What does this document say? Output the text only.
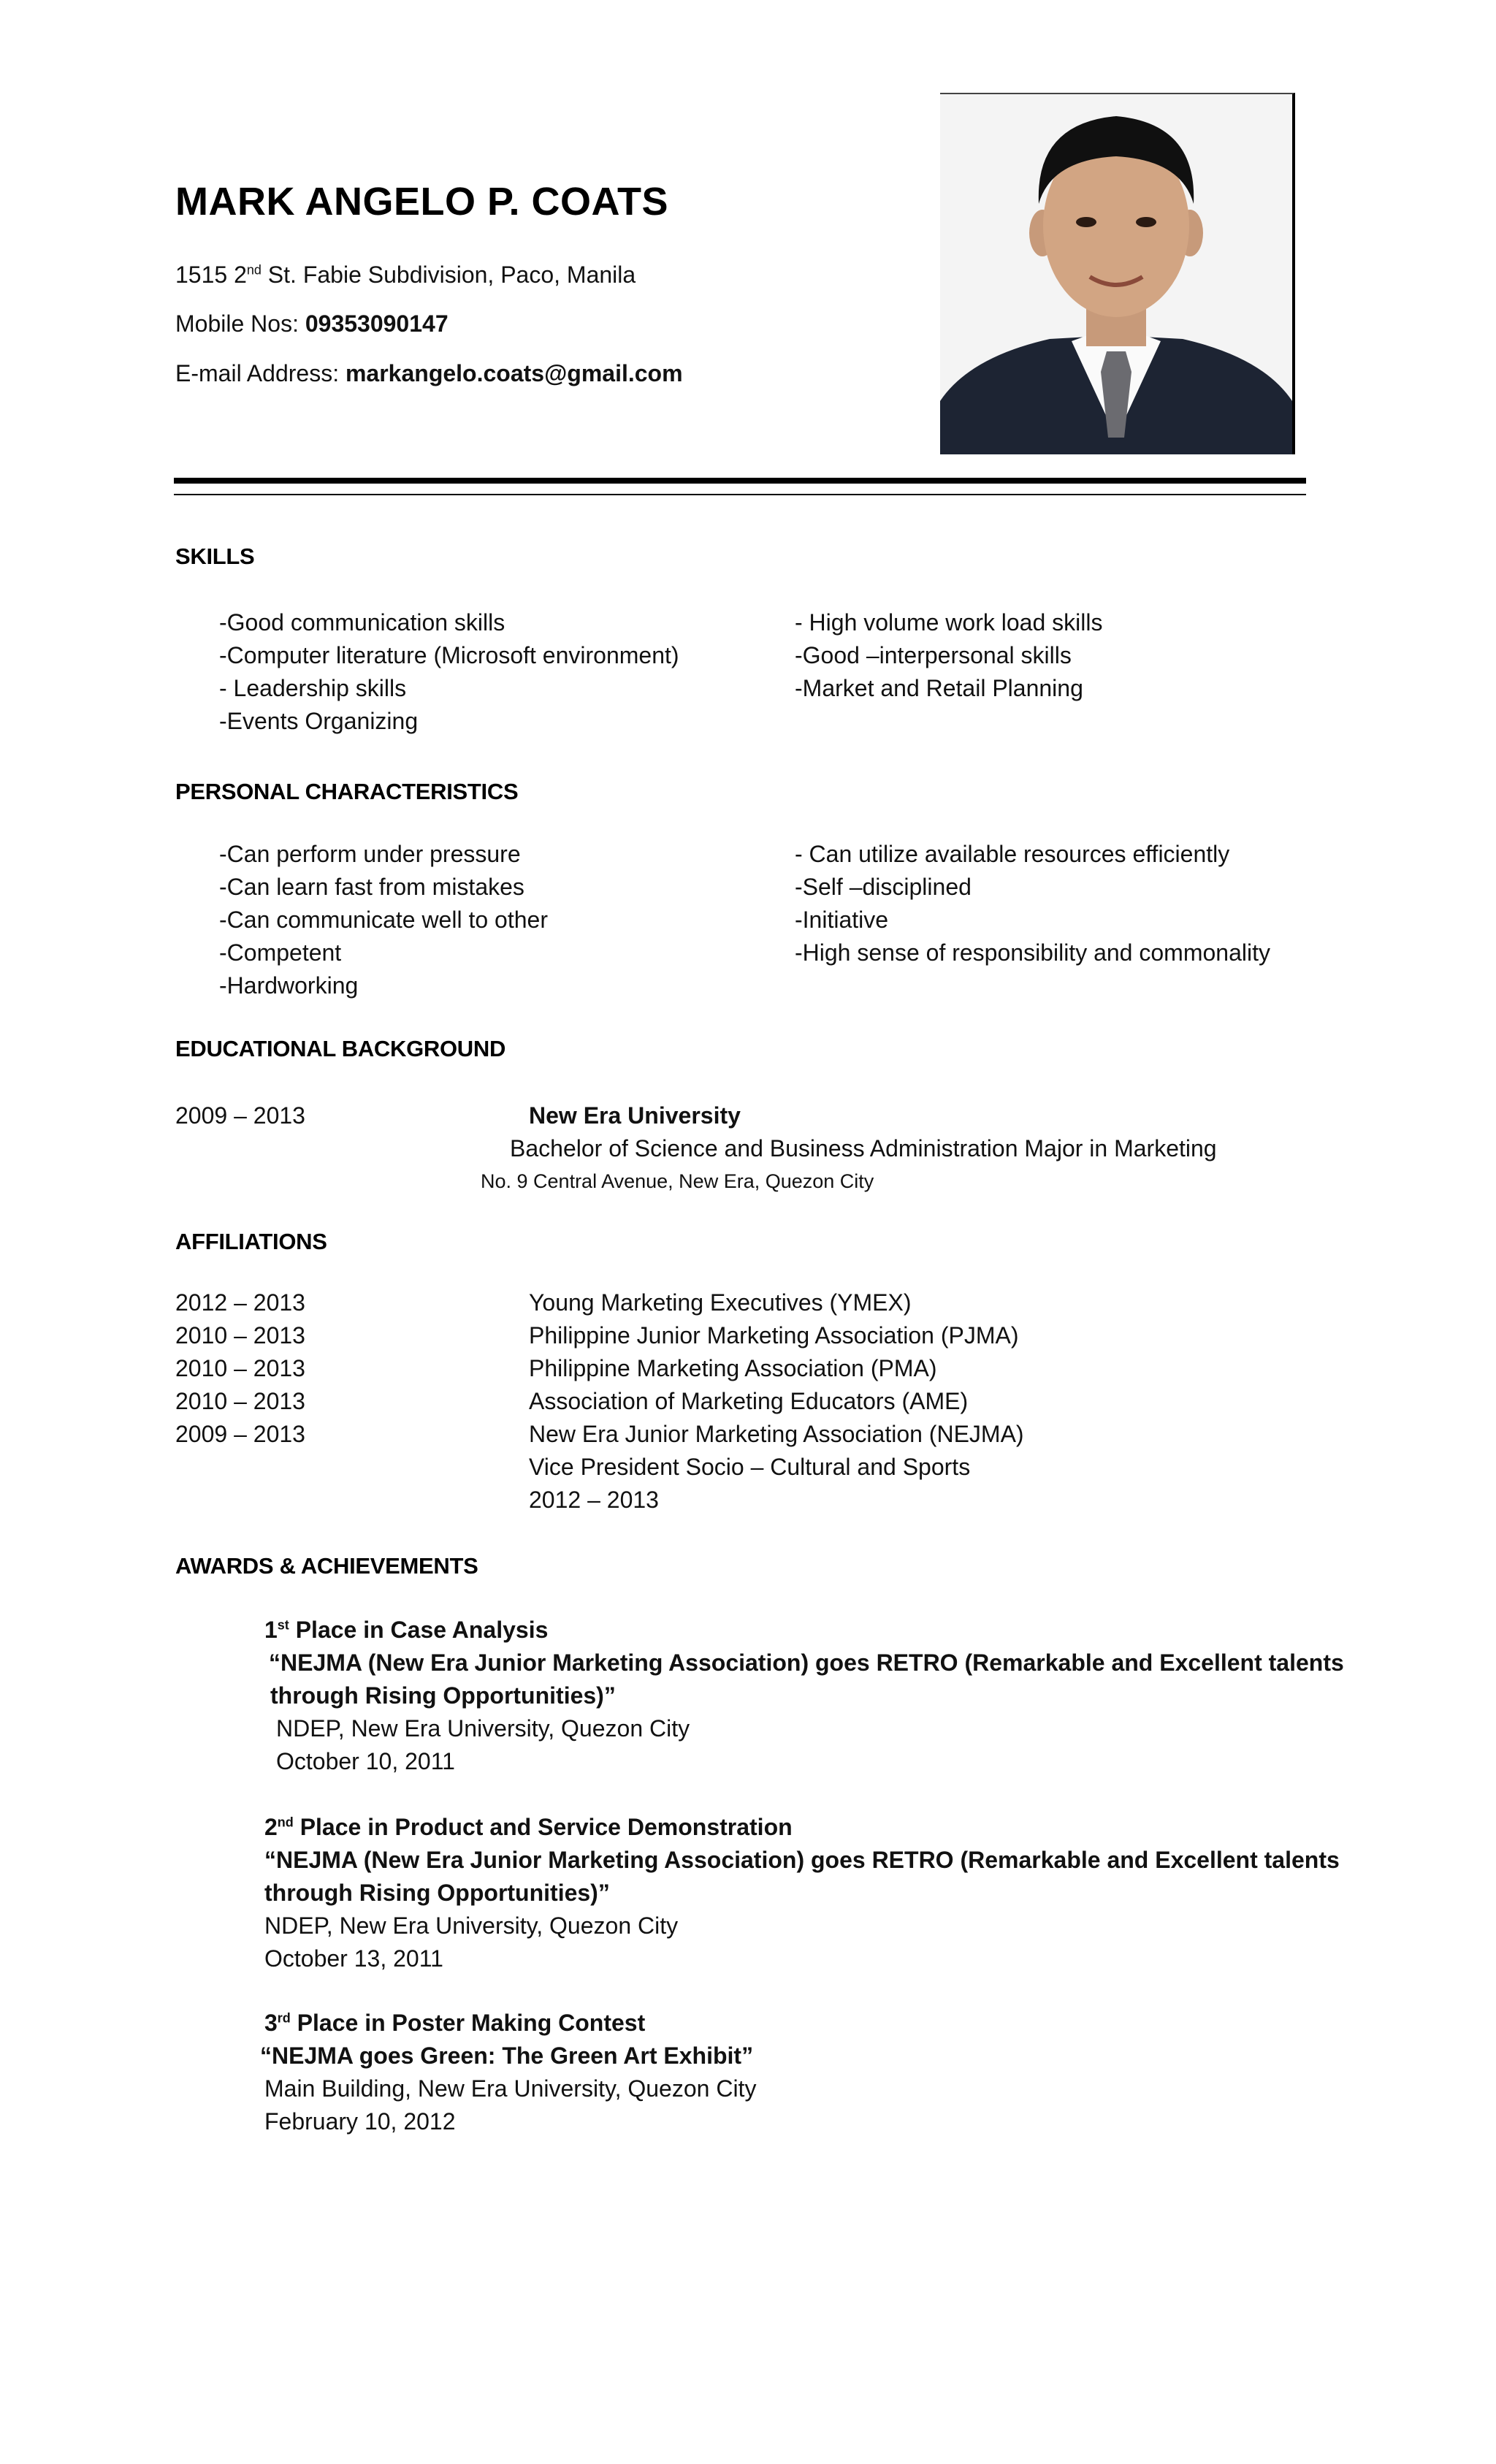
MARK ANGELO P. COATS
1515 2nd St. Fabie Subdivision, Paco, Manila
Mobile Nos: 09353090147
E-mail Address: markangelo.coats@gmail.com
SKILLS
-Good communication skills
-Computer literature (Microsoft environment)
- Leadership skills
-Events Organizing
- High volume work load skills
-Good –interpersonal skills
-Market and Retail Planning
PERSONAL CHARACTERISTICS
-Can perform under pressure
-Can learn fast from mistakes
-Can communicate well to other
-Competent
-Hardworking
- Can utilize available resources efficiently
-Self –disciplined
-Initiative
-High sense of responsibility and commonality
EDUCATIONAL BACKGROUND
2009 – 2013	New Era University
Bachelor of Science and Business Administration Major in Marketing
No. 9 Central Avenue, New Era, Quezon City
AFFILIATIONS
2012 – 2013	Young Marketing Executives (YMEX)
2010 – 2013	Philippine Junior Marketing Association (PJMA)
2010 – 2013	Philippine Marketing Association (PMA)
2010 – 2013	Association of Marketing Educators (AME)
2009 – 2013	New Era Junior Marketing Association (NEJMA)
Vice President Socio – Cultural and Sports
2012 – 2013
AWARDS & ACHIEVEMENTS
1st Place in Case Analysis
“NEJMA (New Era Junior Marketing Association) goes RETRO (Remarkable and Excellent talents
through Rising Opportunities)”
NDEP, New Era University, Quezon City
October 10, 2011
2nd Place in Product and Service Demonstration
“NEJMA (New Era Junior Marketing Association) goes RETRO (Remarkable and Excellent talents
through Rising Opportunities)”
NDEP, New Era University, Quezon City
October 13, 2011
3rd Place in Poster Making Contest
“NEJMA goes Green: The Green Art Exhibit”
Main Building, New Era University, Quezon City
February 10, 2012
